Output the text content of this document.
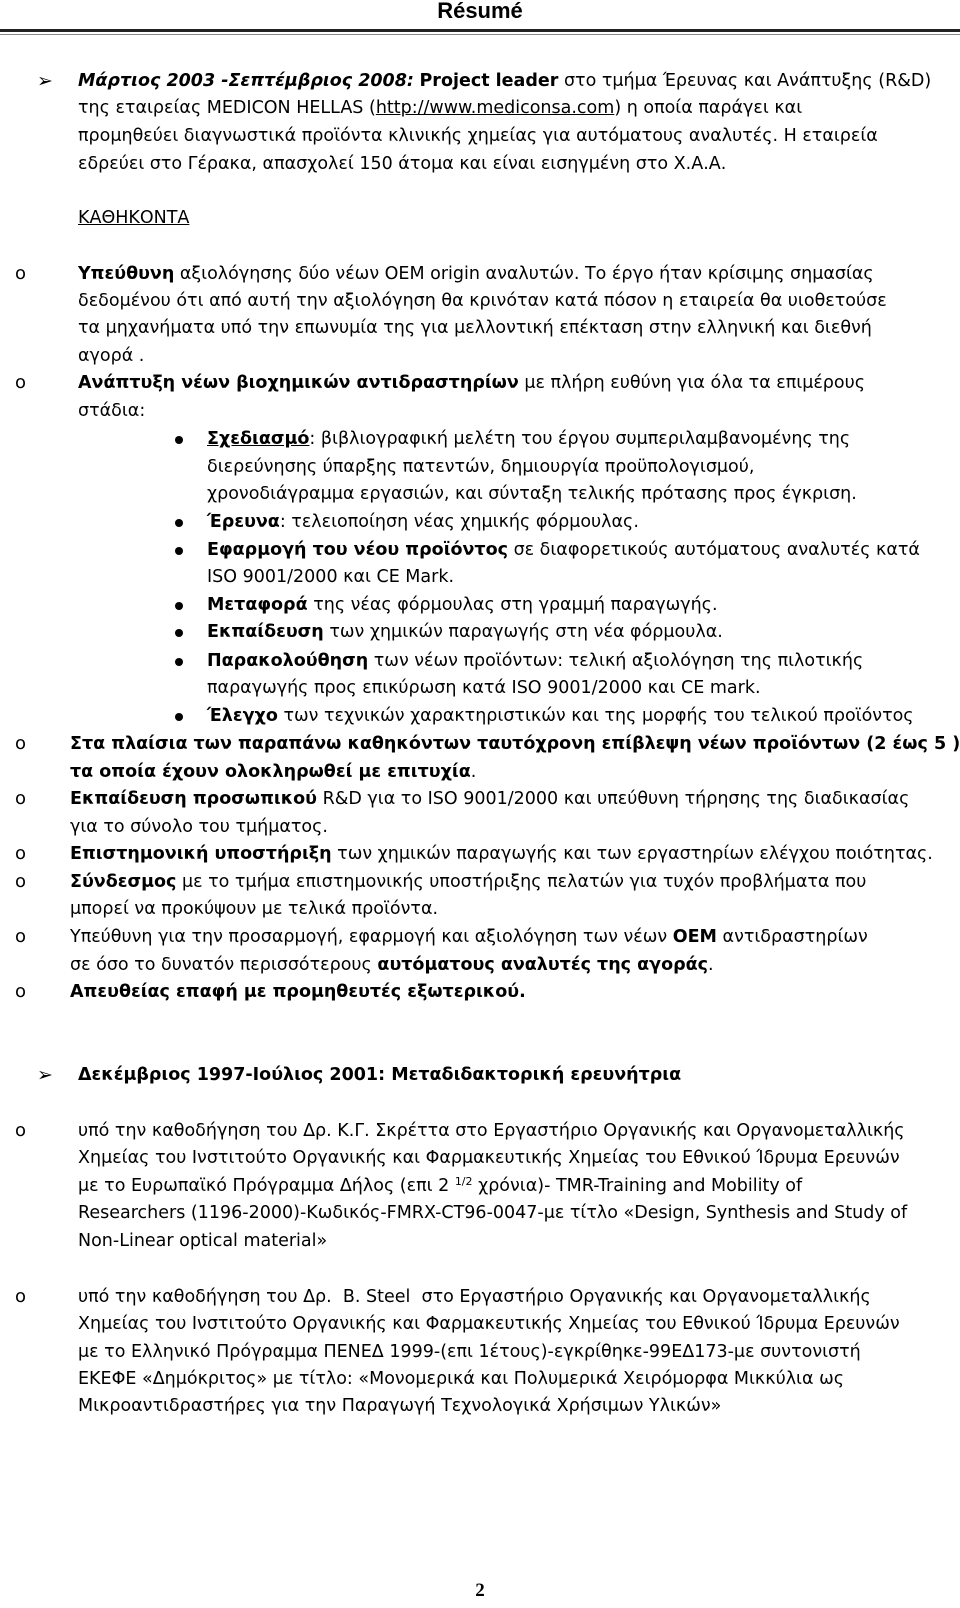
Résumé
➢ Μάρτιος 2003 -Σεπτέμβριος 2008: Project leader στο τμήμα Έρευνας και Ανάπτυξης (R&D)
της εταιρείας MEDICON HELLAS (http://www.mediconsa.com) η οποία παράγει και
προμηθεύει διαγνωστικά προϊόντα κλινικής χημείας για αυτόματους αναλυτές. Η εταιρεία
εδρεύει στο Γέρακα, απασχολεί 150 άτομα και είναι εισηγμένη στο Χ.Α.Α.
ΚΑΘΗΚΟΝΤΑ
o	Υπεύθυνη αξιολόγησης δύο νέων OEM origin αναλυτών. Το έργο ήταν κρίσιμης σημασίας
δεδομένου ότι από αυτή την αξιολόγηση θα κρινόταν κατά πόσον η εταιρεία θα υιοθετούσε
τα μηχανήματα υπό την επωνυμία της για μελλοντική επέκταση στην ελληνική και διεθνή
αγορά .
o	Ανάπτυξη νέων βιοχημικών αντιδραστηρίων με πλήρη ευθύνη για όλα τα επιμέρους
στάδια:
Σχεδιασμό: βιβλιογραφική μελέτη του έργου συμπεριλαμβανομένης της
διερεύνησης ύπαρξης πατεντών, δημιουργία προϋπολογισμού,
χρονοδιάγραμμα εργασιών, και σύνταξη τελικής πρότασης προς έγκριση.
Έρευνα: τελειοποίηση νέας χημικής φόρμουλας.
Εφαρμογή του νέου προϊόντος σε διαφορετικούς αυτόματους αναλυτές κατά
ISO 9001/2000 και CE Mark.
Μεταφορά της νέας φόρμουλας στη γραμμή παραγωγής.
Εκπαίδευση των χημικών παραγωγής στη νέα φόρμουλα.
Παρακολούθηση των νέων προϊόντων: τελική αξιολόγηση της πιλοτικής
παραγωγής προς επικύρωση κατά ISO 9001/2000 και CE mark.
Έλεγχο των τεχνικών χαρακτηριστικών και της μορφής του τελικού προϊόντος
o	Στα πλαίσια των παραπάνω καθηκόντων ταυτόχρονη επίβλεψη νέων προϊόντων (2 έως 5 )
τα οποία έχουν ολοκληρωθεί με επιτυχία.
o	Εκπαίδευση προσωπικού R&D για το ISO 9001/2000 και υπεύθυνη τήρησης της διαδικασίας
για το σύνολο του τμήματος.
o	Επιστημονική υποστήριξη των χημικών παραγωγής και των εργαστηρίων ελέγχου ποιότητας.
o	Σύνδεσμος με το τμήμα επιστημονικής υποστήριξης πελατών για τυχόν προβλήματα που
μπορεί να προκύψουν με τελικά προϊόντα.
o	Υπεύθυνη για την προσαρμογή, εφαρμογή και αξιολόγηση των νέων OEM αντιδραστηρίων
σε όσο το δυνατόν περισσότερους αυτόματους αναλυτές της αγοράς.
o	Απευθείας επαφή με προμηθευτές εξωτερικού.
➢ Δεκέμβριος 1997-Ιούλιος 2001: Μεταδιδακτορική ερευνήτρια
o	υπό την καθοδήγηση του Δρ. Κ.Γ. Σκρέττα στο Εργαστήριο Οργανικής και Οργανομεταλλικής
Χημείας του Ινστιτούτο Οργανικής και Φαρμακευτικής Χημείας του Εθνικού Ίδρυμα Ερευνών
με το Ευρωπαϊκό Πρόγραμμα Δήλος (επι 2 $^{1/2}$ χρόνια)- TMR-Training and Mobility of
Researchers (1196-2000)-Κωδικός-FMRX-CT96-0047-με τίτλο «Design, Synthesis and Study of
Non-Linear optical material»
o	υπό την καθοδήγηση του Δρ.  B. Steel  στο Εργαστήριο Οργανικής και Οργανομεταλλικής
Χημείας του Ινστιτούτο Οργανικής και Φαρμακευτικής Χημείας του Εθνικού Ίδρυμα Ερευνών
με το Ελληνικό Πρόγραμμα ΠΕΝΕΔ 1999-(επι 1έτους)-εγκρίθηκε-99ΕΔ173-με συντονιστή
ΕΚΕΦΕ «Δημόκριτος» με τίτλο: «Μονομερικά και Πολυμερικά Χειρόμορφα Μικκύλια ως
Μικροαντιδραστήρες για την Παραγωγή Τεχνολογικά Χρήσιμων Υλικών»
2
